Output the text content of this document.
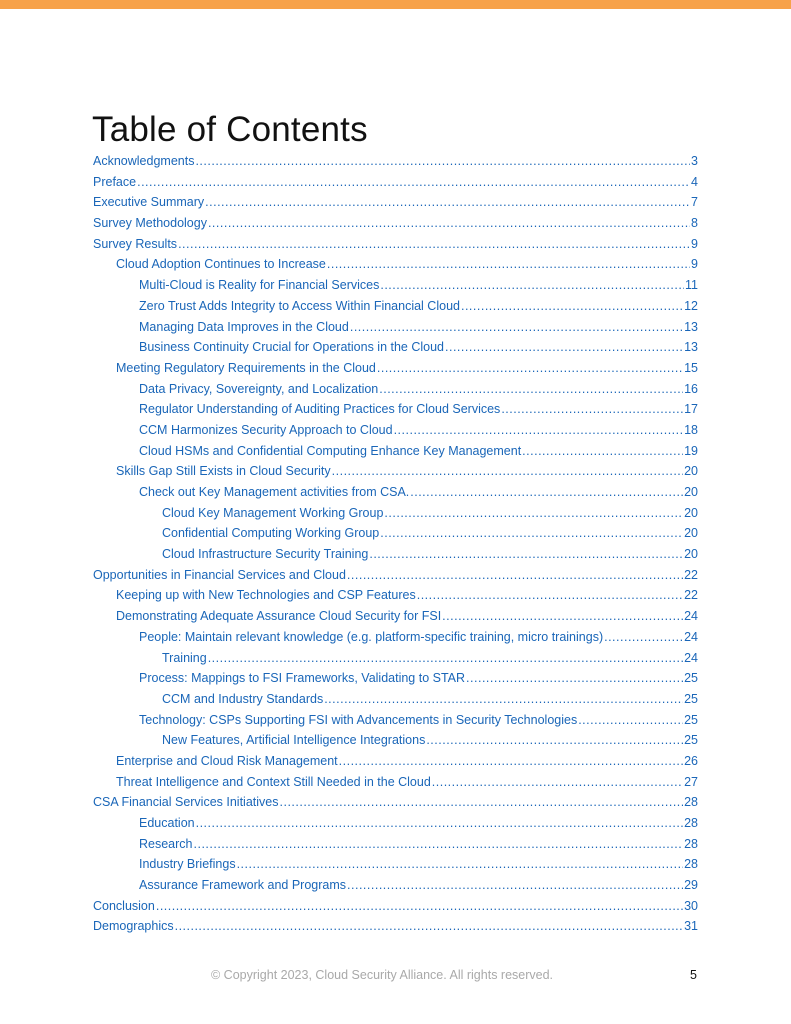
Table of Contents
Acknowledgments .....	3
Preface .....	4
Executive Summary .....	7
Survey Methodology .....	8
Survey Results .....	9
Cloud Adoption Continues to Increase .....	9
Multi-Cloud is Reality for Financial Services .....	11
Zero Trust Adds Integrity to Access Within Financial Cloud .....	12
Managing Data Improves in the Cloud .....	13
Business Continuity Crucial for Operations in the Cloud .....	13
Meeting Regulatory Requirements in the Cloud .....	15
Data Privacy, Sovereignty, and Localization .....	16
Regulator Understanding of Auditing Practices for Cloud Services .....	17
CCM Harmonizes Security Approach to Cloud .....	18
Cloud HSMs and Confidential Computing Enhance Key Management .....	19
Skills Gap Still Exists in Cloud Security .....	20
Check out Key Management activities from CSA. .....	20
Cloud Key Management Working Group .....	20
Confidential Computing Working Group .....	20
Cloud Infrastructure Security Training .....	20
Opportunities in Financial Services and Cloud .....	22
Keeping up with New Technologies and CSP Features .....	22
Demonstrating Adequate Assurance Cloud Security for FSI .....	24
People: Maintain relevant knowledge (e.g. platform-specific training, micro trainings) .....	24
Training .....	24
Process: Mappings to FSI Frameworks, Validating to STAR .....	25
CCM and Industry Standards .....	25
Technology: CSPs Supporting FSI with Advancements in Security Technologies .....	25
New Features, Artificial Intelligence Integrations .....	25
Enterprise and Cloud Risk Management .....	26
Threat Intelligence and Context Still Needed in the Cloud .....	27
CSA Financial Services Initiatives .....	28
Education .....	28
Research .....	28
Industry Briefings .....	28
Assurance Framework and Programs .....	29
Conclusion .....	30
Demographics .....	31
© Copyright 2023, Cloud Security Alliance. All rights reserved.	5
